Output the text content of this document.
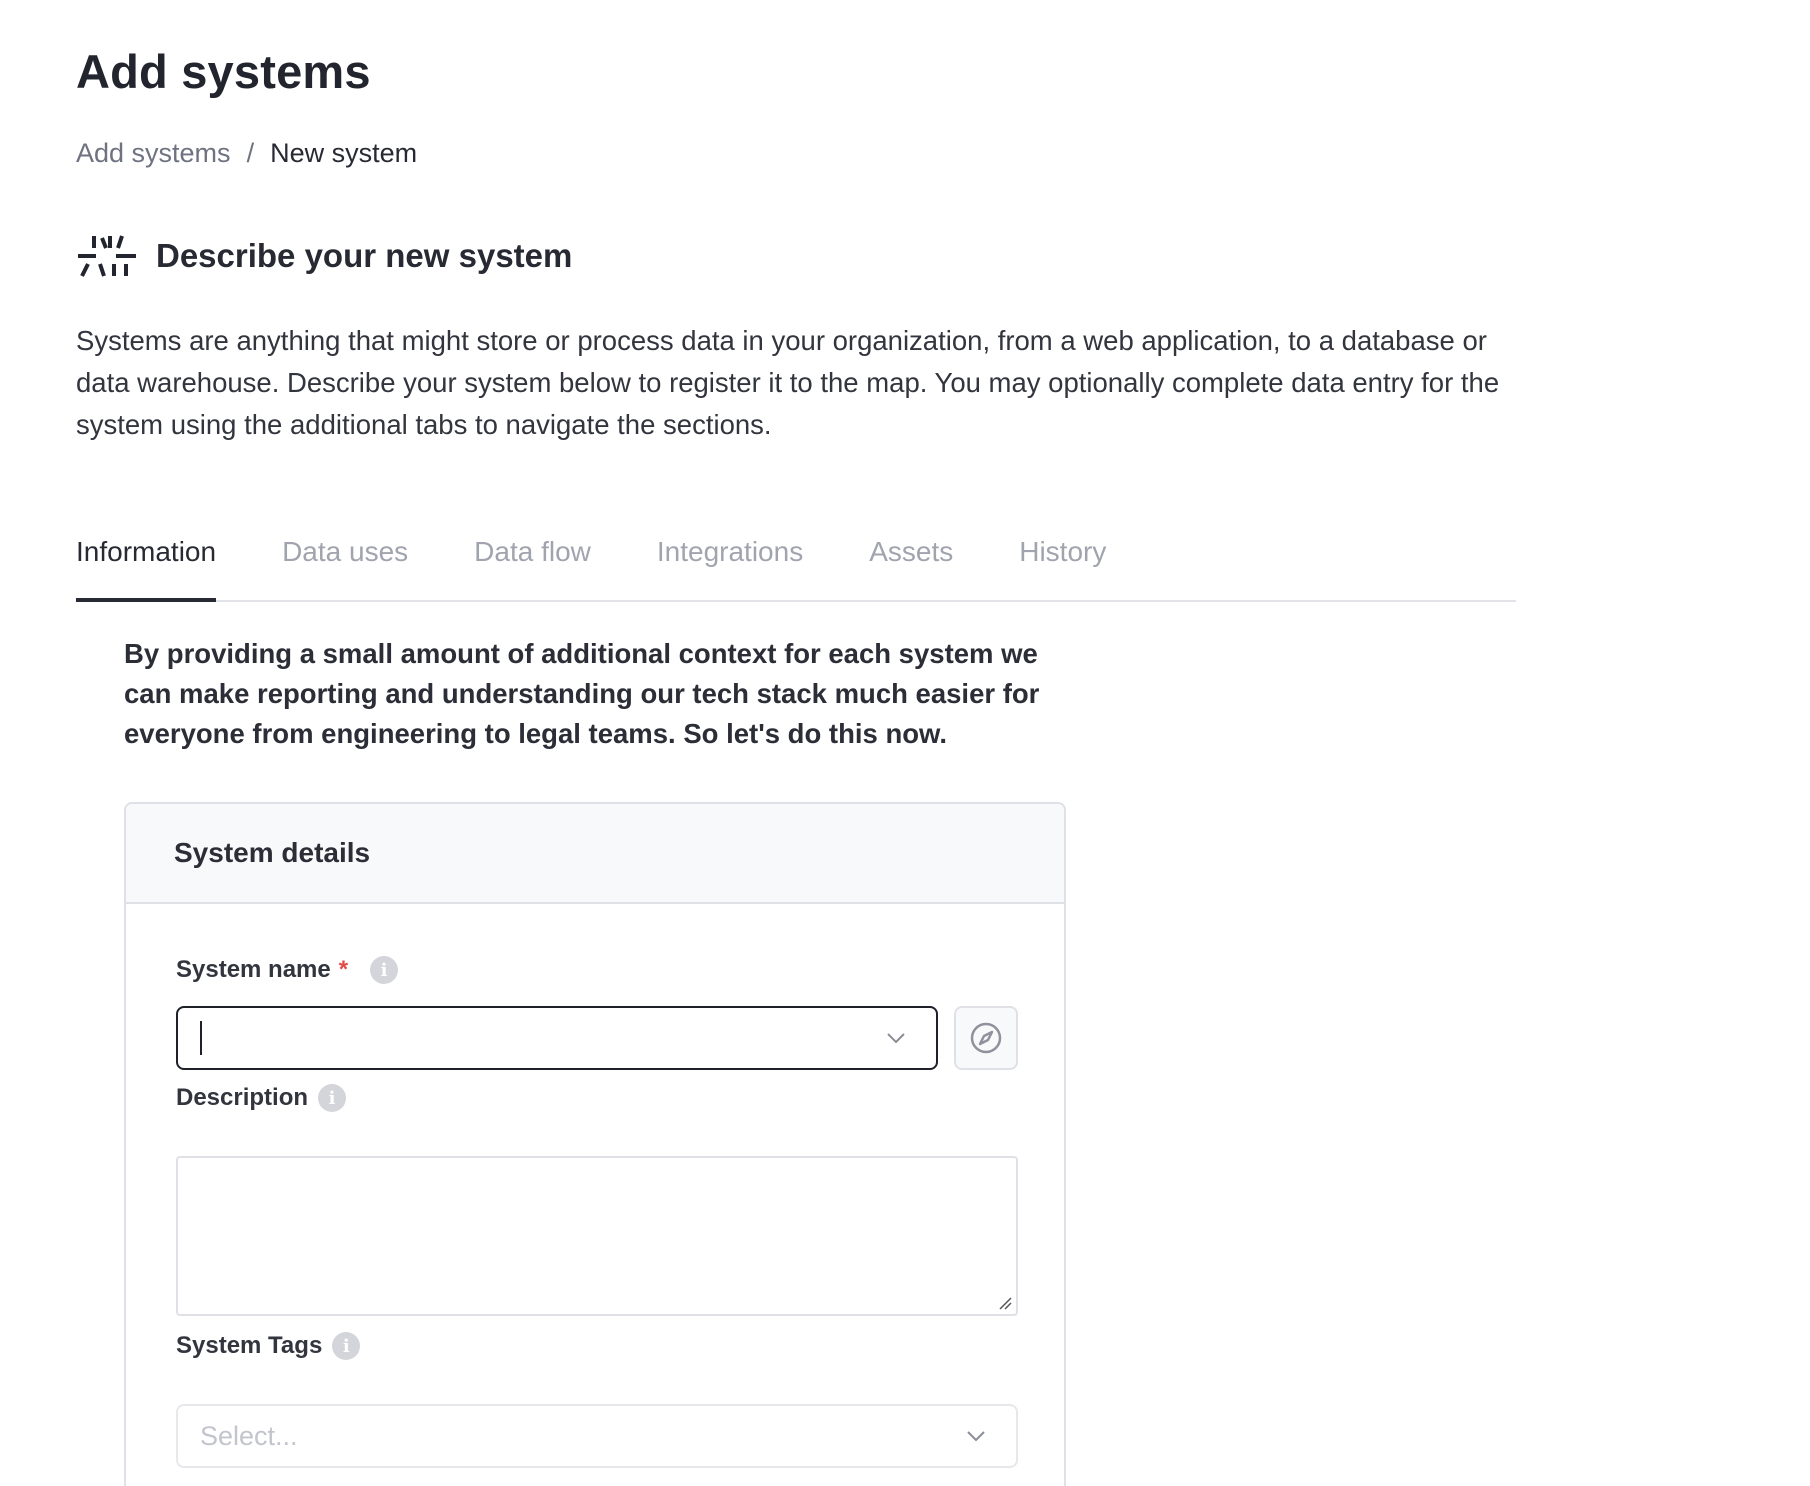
Add systems
Add systems / New system
Describe your new system

Systems are anything that might store or process data in your organization, from a web application, to a database or data warehouse. Describe your system below to register it to the map. You may optionally complete data entry for the system using the additional tabs to navigate the sections.

Information Data uses Data flow Integrations Assets History

By providing a small amount of additional context for each system we can make reporting and understanding our tech stack much easier for everyone from engineering to legal teams. So let's do this now.

System details
System name *	i
Description	i
System Tags	i
Select...
